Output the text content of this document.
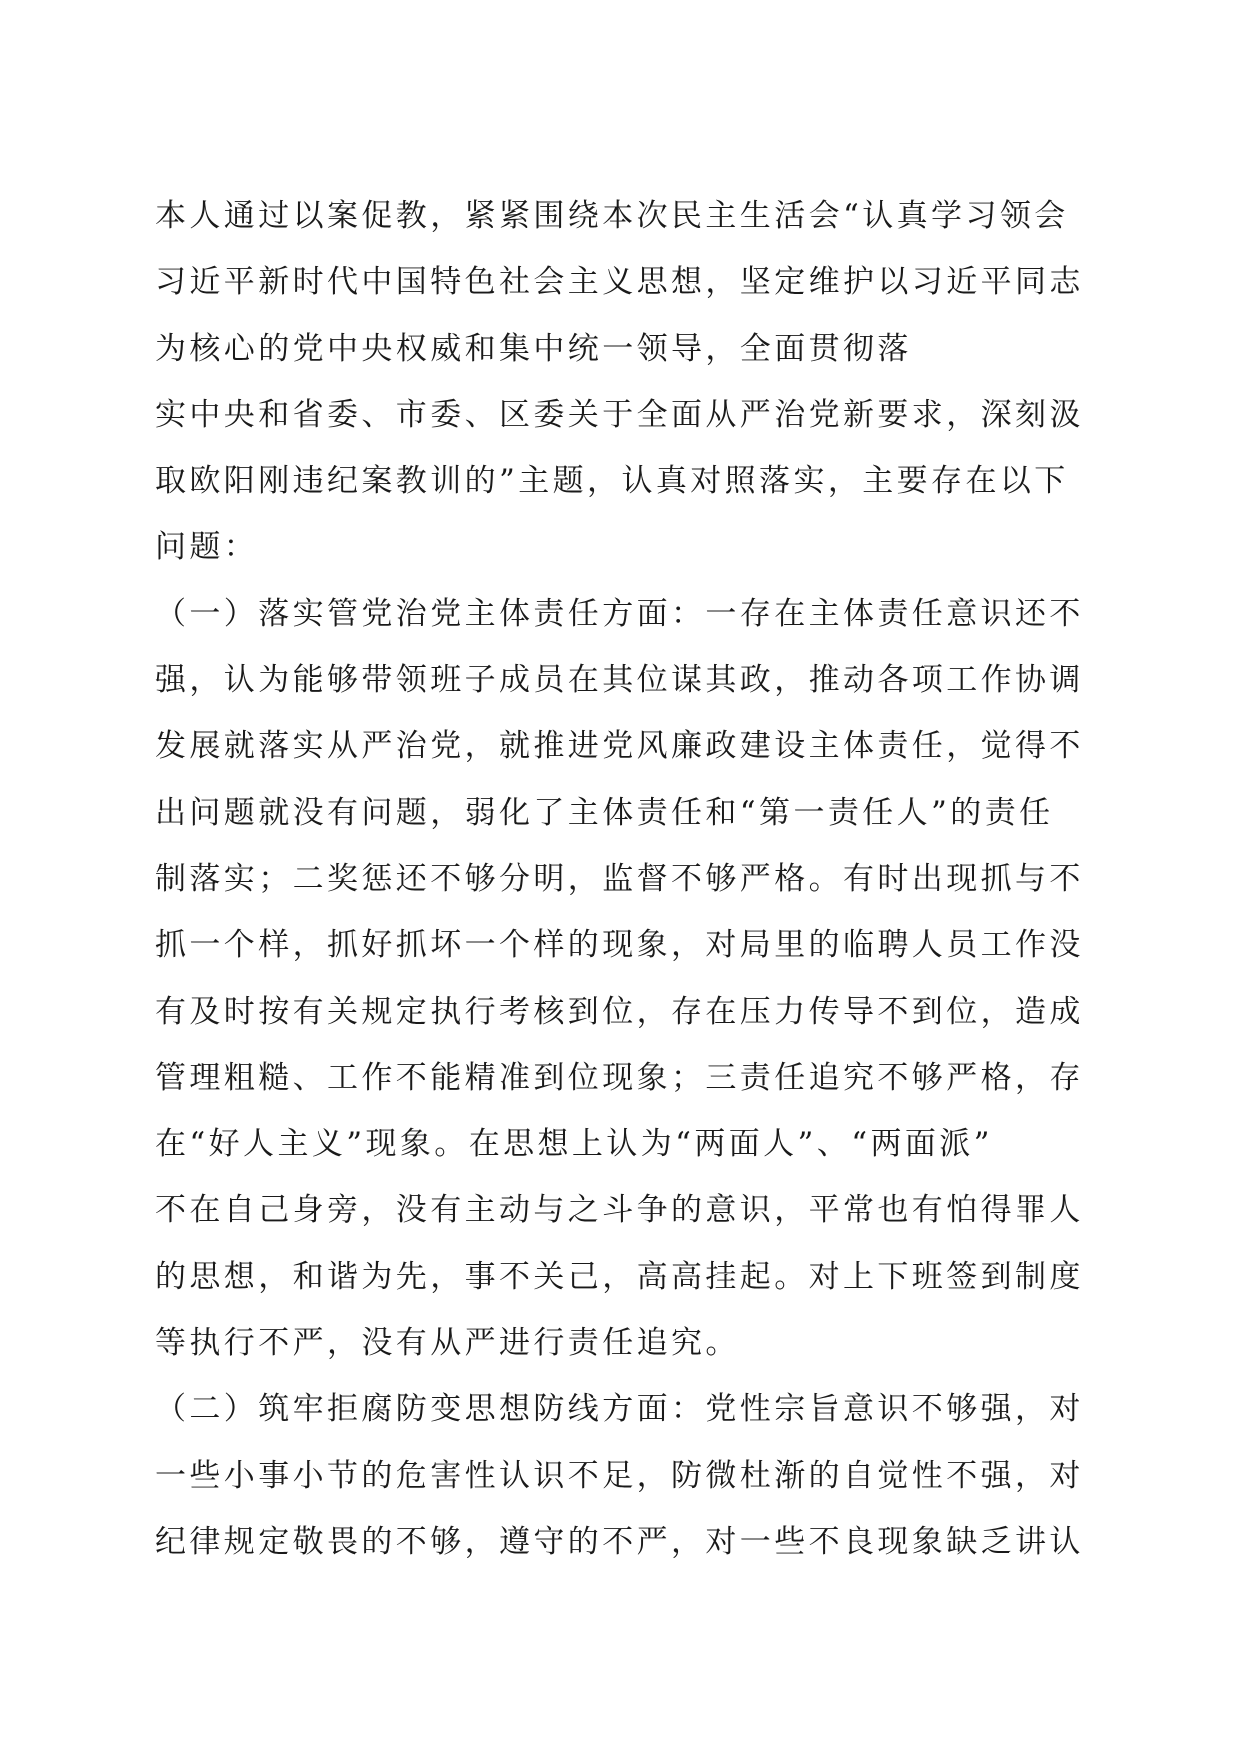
本人通过以案促教，紧紧围绕本次民主生活会“认真学习领会
习近平新时代中国特色社会主义思想，坚定维护以习近平同志
为核心的党中央权威和集中统一领导，全面贯彻落
实中央和省委、市委、区委关于全面从严治党新要求，深刻汲
取欧阳刚违纪案教训的”主题，认真对照落实，主要存在以下
问题：
（一）落实管党治党主体责任方面：一存在主体责任意识还不
强，认为能够带领班子成员在其位谋其政，推动各项工作协调
发展就落实从严治党，就推进党风廉政建设主体责任，觉得不
出问题就没有问题，弱化了主体责任和“第一责任人”的责任
制落实；二奖惩还不够分明，监督不够严格。有时出现抓与不
抓一个样，抓好抓坏一个样的现象，对局里的临聘人员工作没
有及时按有关规定执行考核到位，存在压力传导不到位，造成
管理粗糙、工作不能精准到位现象；三责任追究不够严格，存
在“好人主义”现象。在思想上认为“两面人”、“两面派”
不在自己身旁，没有主动与之斗争的意识，平常也有怕得罪人
的思想，和谐为先，事不关己，高高挂起。对上下班签到制度
等执行不严，没有从严进行责任追究。
（二）筑牢拒腐防变思想防线方面：党性宗旨意识不够强，对
一些小事小节的危害性认识不足，防微杜渐的自觉性不强，对
纪律规定敬畏的不够，遵守的不严，对一些不良现象缺乏讲认
